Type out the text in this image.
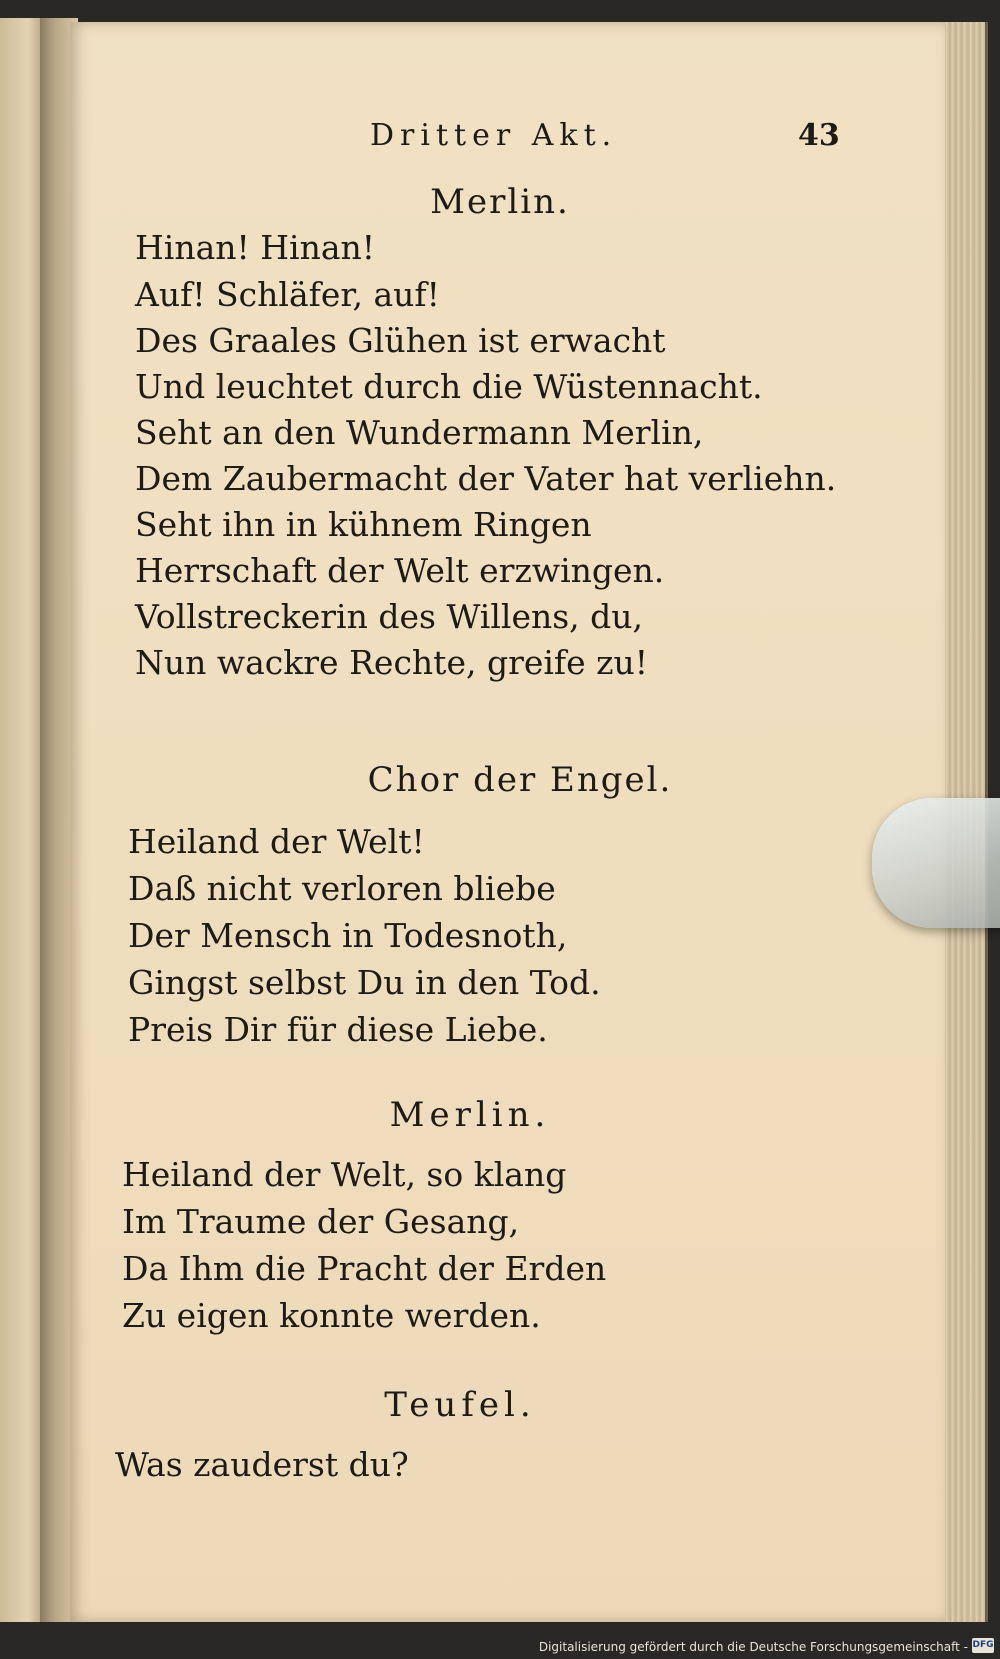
Dritter Akt.	43
Merlin.
Hinan! Hinan!
Auf! Schläfer, auf!
Des Graales Glühen ist erwacht
Und leuchtet durch die Wüstennacht.
Seht an den Wundermann Merlin,
Dem Zaubermacht der Vater hat verliehn.
Seht ihn in kühnem Ringen
Herrschaft der Welt erzwingen.
Vollstreckerin des Willens, du,
Nun wackre Rechte, greife zu!
Chor der Engel.
Heiland der Welt!
Daß nicht verloren bliebe
Der Mensch in Todesnoth,
Gingst selbst Du in den Tod.
Preis Dir für diese Liebe.
Merlin.
Heiland der Welt, so klang
Im Traume der Gesang,
Da Ihm die Pracht der Erden
Zu eigen konnte werden.
Teufel.
Was zauderst du?
Digitalisierung gefördert durch die Deutsche Forschungsgemeinschaft - DFG
